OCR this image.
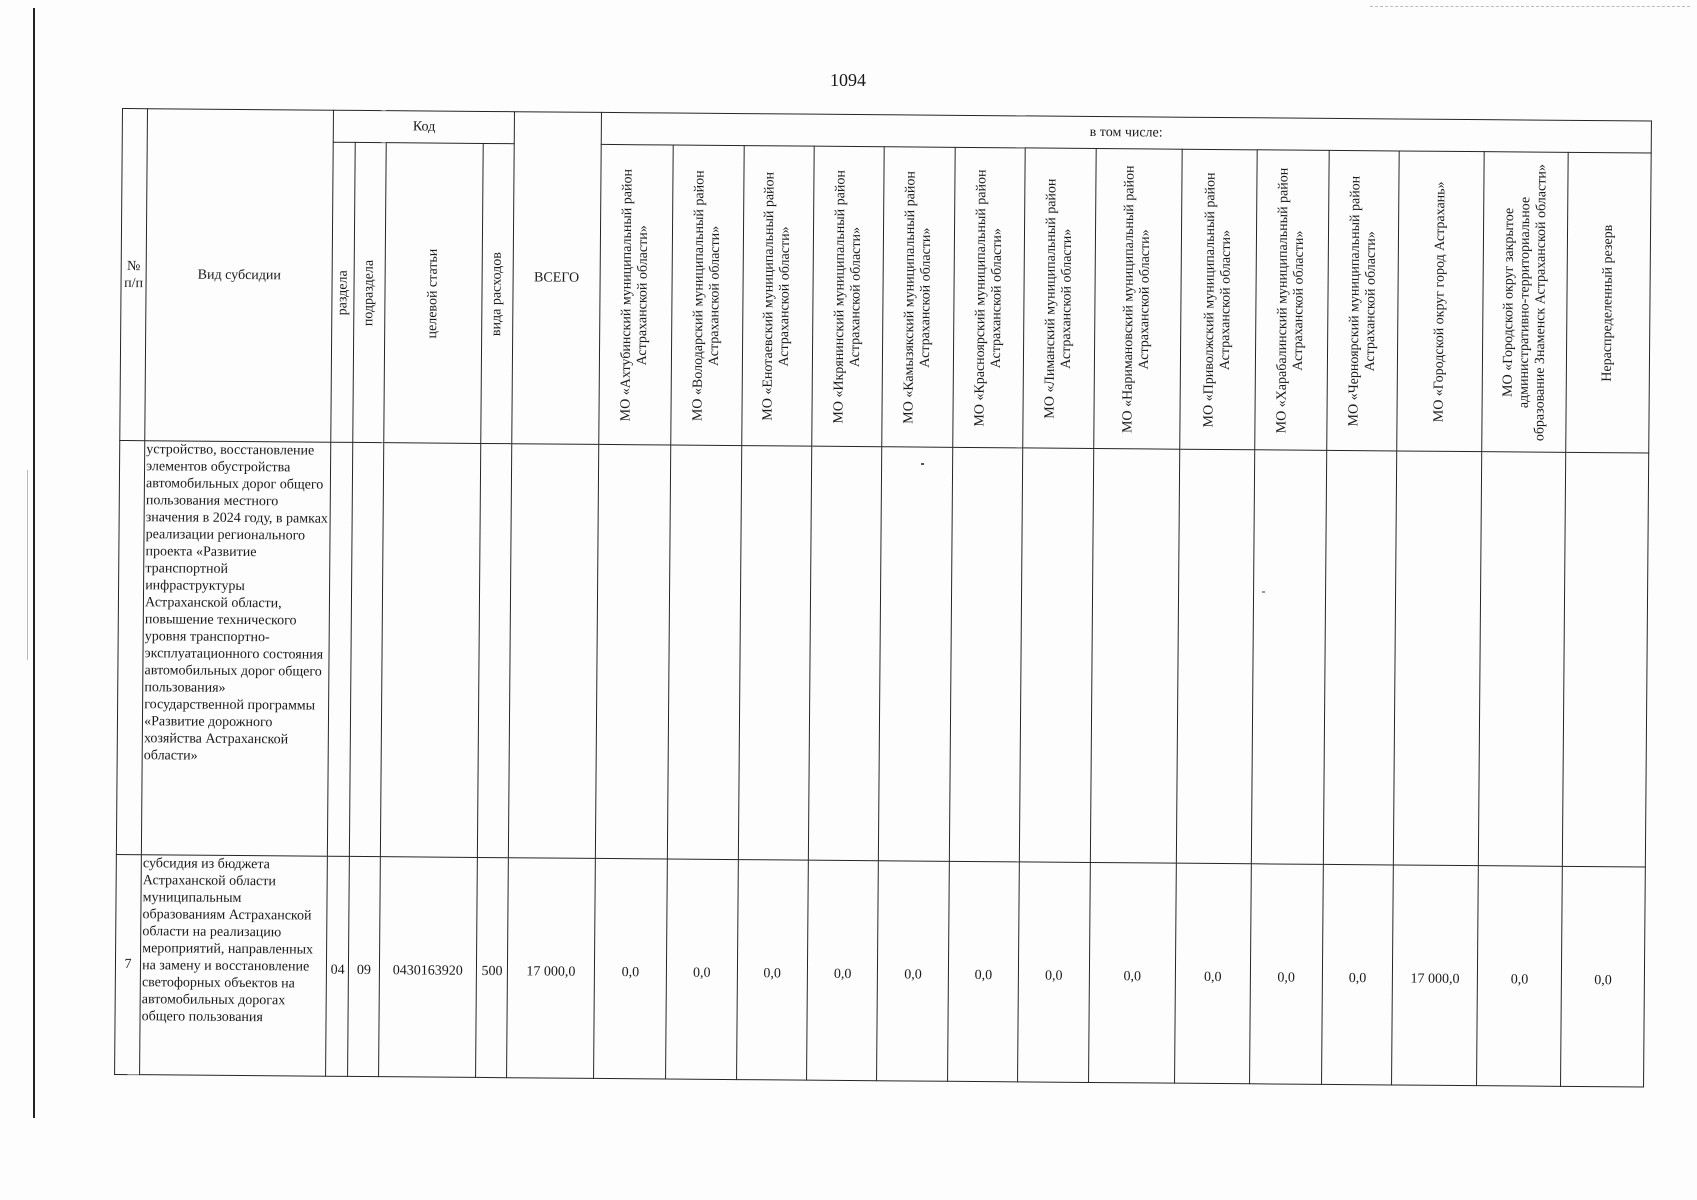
1094
№ п/п	Вид субсидии	Код				ВСЕГО	в том числе:													

		раздела	подраздела	целевой статьи	вида расходов		МО «Ахтубинский муниципальный район Астраханской области»	МО «Володарский муниципальный район Астраханской области»	МО «Енотаевский муниципальный район Астраханской области»	МО «Икрянинский муниципальный район Астраханской области»	МО «Камызякский муниципальный район Астраханской области»	МО «Красноярский муниципальный район Астраханской области»	МО «Лиманский муниципальный район Астраханской области»	МО «Наримановский муниципальный район Астраханской области»	МО «Приволжский муниципальный район Астраханской области»	МО «Харабалинский муниципальный район Астраханской области»	МО «Черноярский муниципальный район Астраханской области»	МО «Городской округ город Астрахань»	МО «Городской округ закрытое административно-территориальное образование Знаменск Астраханской области»	Нераспределенный резерв

	устройство, восстановление элементов обустройства автомобильных дорог общего пользования местного значения в 2024 году, в рамках реализации регионального проекта «Развитие транспортной инфраструктуры Астраханской области, повышение технического уровня транспортно-эксплуатационного состояния автомобильных дорог общего пользования» государственной программы «Развитие дорожного хозяйства Астраханской области»																			
7	субсидия из бюджета Астраханской области муниципальным образованиям Астраханской области на реализацию мероприятий, направленных на замену и восстановление светофорных объектов на автомобильных дорогах общего пользования	04	09	0430163920	500	17 000,0	0,0	0,0	0,0	0,0	0,0	0,0	0,0	0,0	0,0	0,0	0,0	17 000,0	0,0	0,0
